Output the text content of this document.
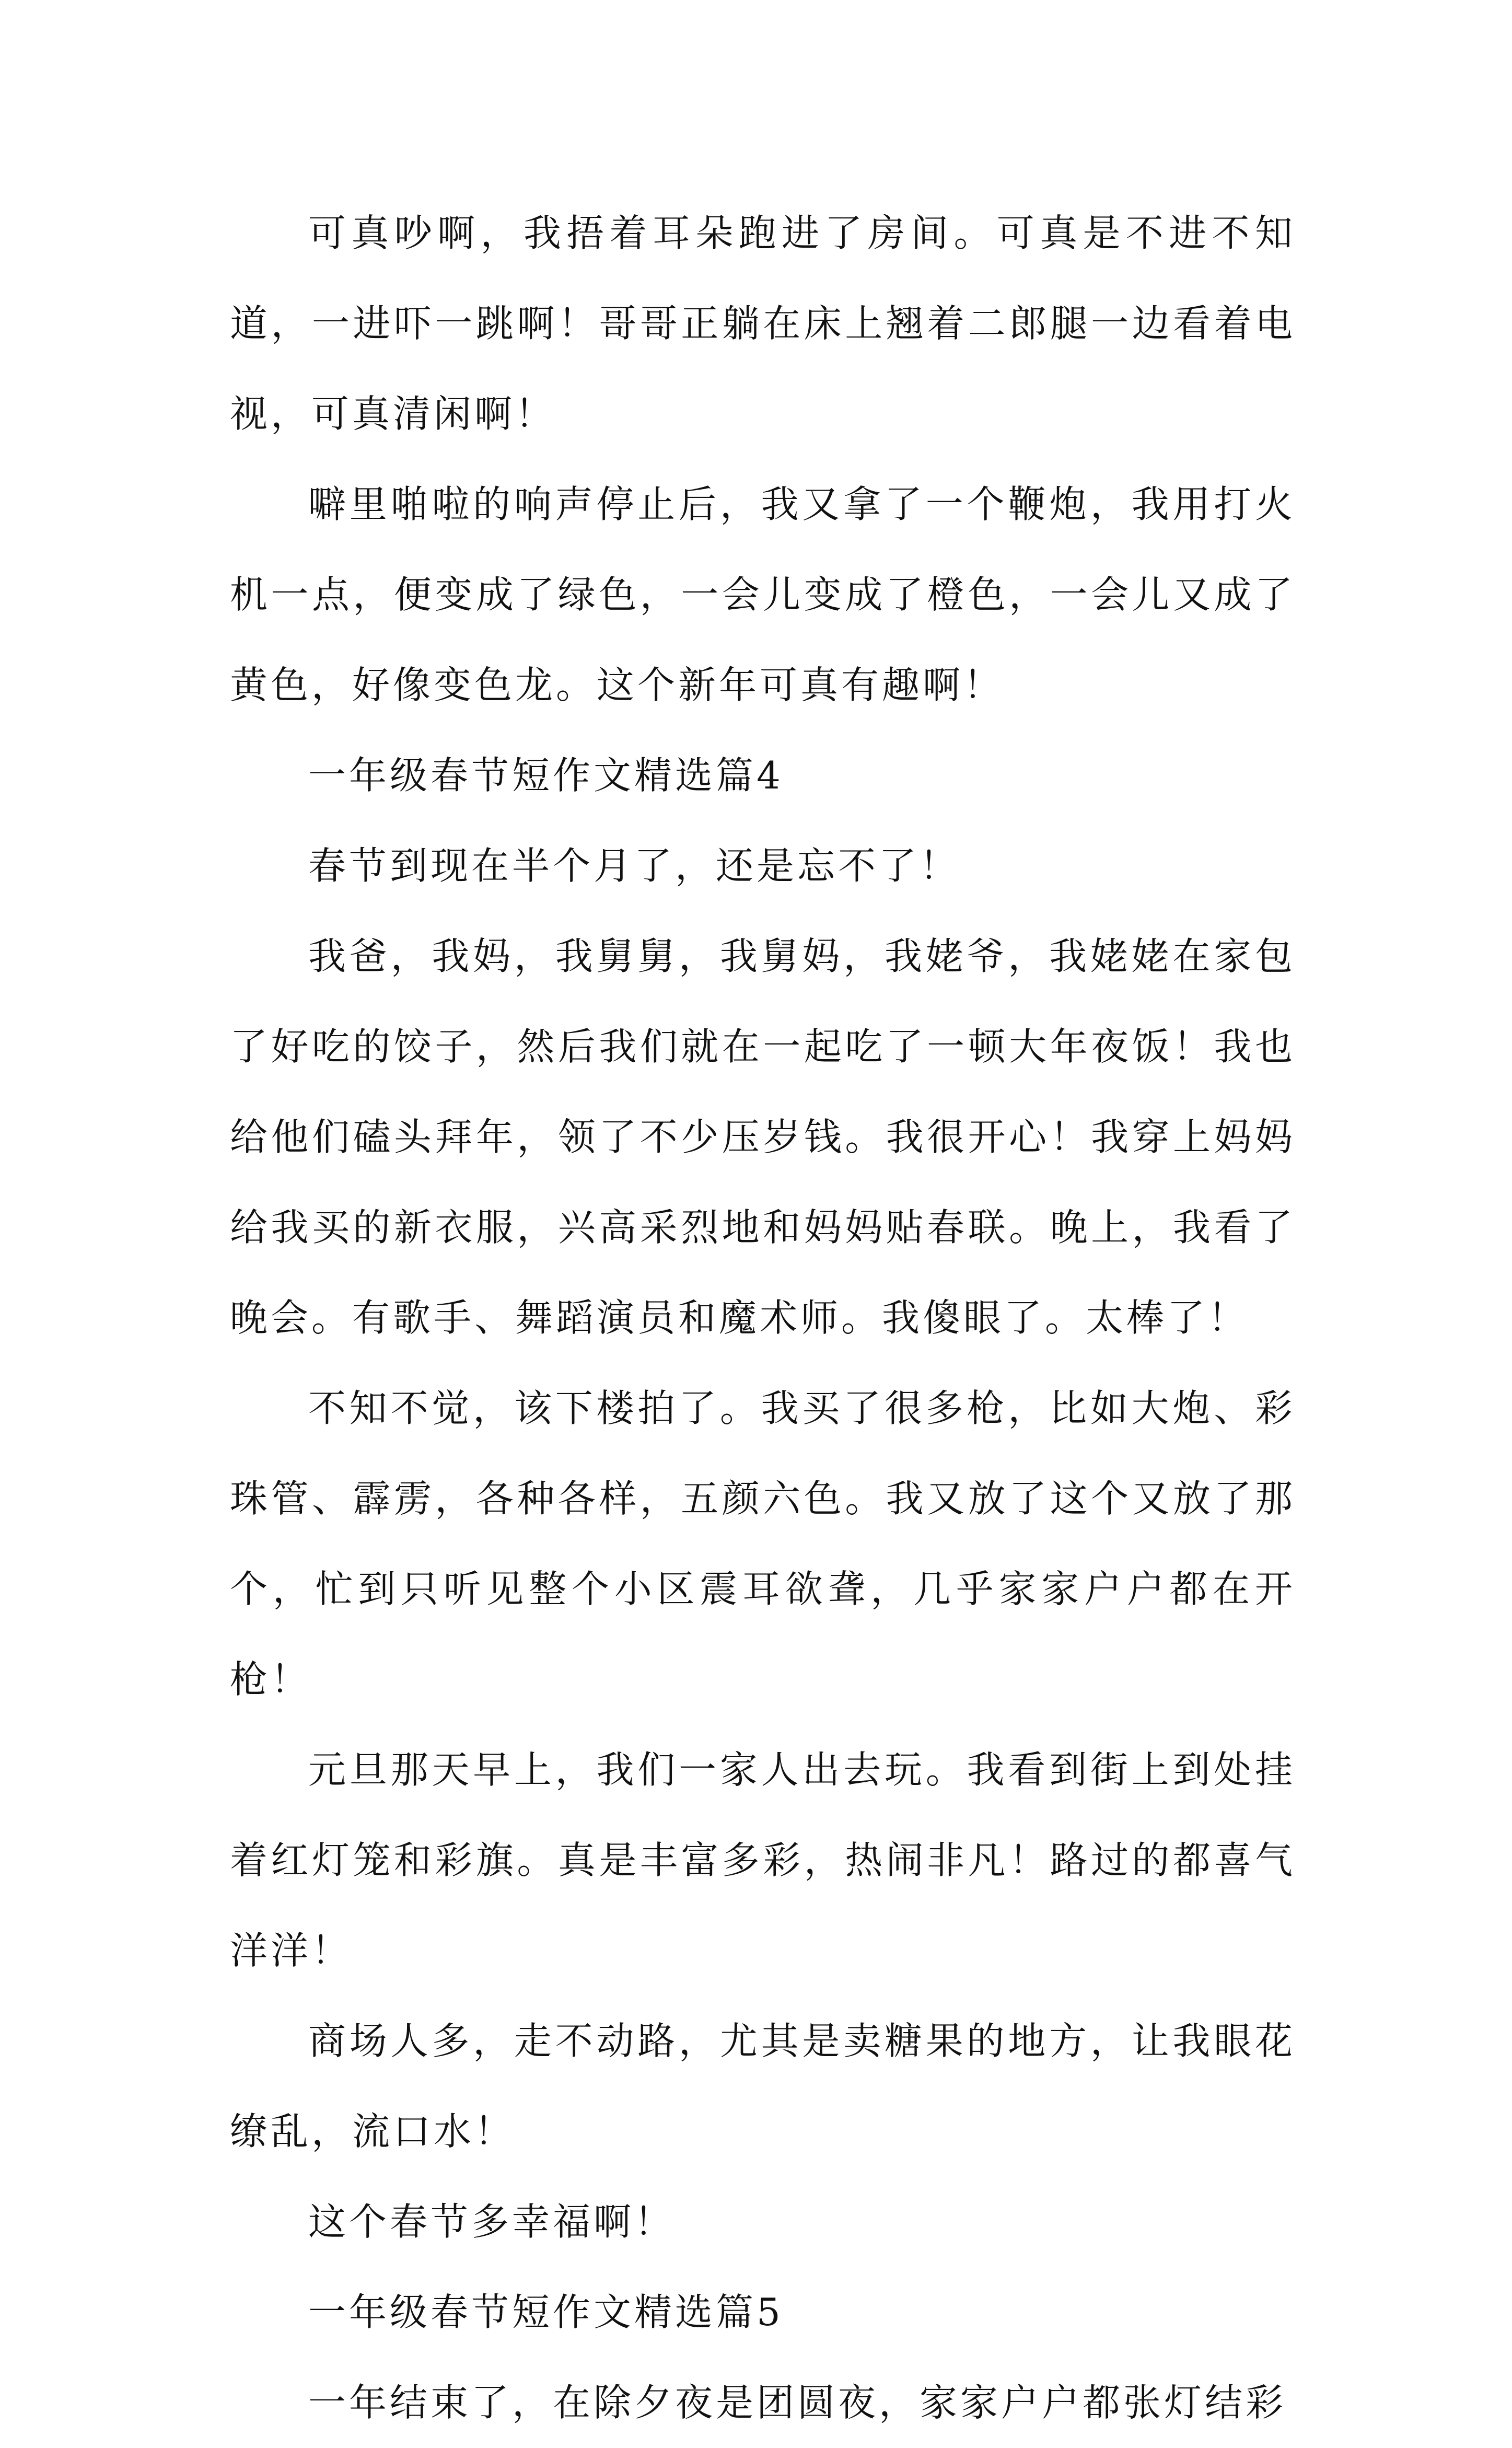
可真吵啊，我捂着耳朵跑进了房间。可真是不进不知道，一进吓一跳啊！哥哥正躺在床上翘着二郎腿一边看着电视，可真清闲啊！

噼里啪啦的响声停止后，我又拿了一个鞭炮，我用打火机一点，便变成了绿色，一会儿变成了橙色，一会儿又成了黄色，好像变色龙。这个新年可真有趣啊！

一年级春节短作文精选篇4

春节到现在半个月了，还是忘不了！

我爸，我妈，我舅舅，我舅妈，我姥爷，我姥姥在家包了好吃的饺子，然后我们就在一起吃了一顿大年夜饭！我也给他们磕头拜年，领了不少压岁钱。我很开心！我穿上妈妈给我买的新衣服，兴高采烈地和妈妈贴春联。晚上，我看了晚会。有歌手、舞蹈演员和魔术师。我傻眼了。太棒了！

不知不觉，该下楼拍了。我买了很多枪，比如大炮、彩珠管、霹雳，各种各样，五颜六色。我又放了这个又放了那个，忙到只听见整个小区震耳欲聋，几乎家家户户都在开枪！

元旦那天早上，我们一家人出去玩。我看到街上到处挂着红灯笼和彩旗。真是丰富多彩，热闹非凡！路过的都喜气洋洋！

商场人多，走不动路，尤其是卖糖果的地方，让我眼花缭乱，流口水！

这个春节多幸福啊！

一年级春节短作文精选篇5

一年结束了，在除夕夜是团圆夜，家家户户都张灯结彩
